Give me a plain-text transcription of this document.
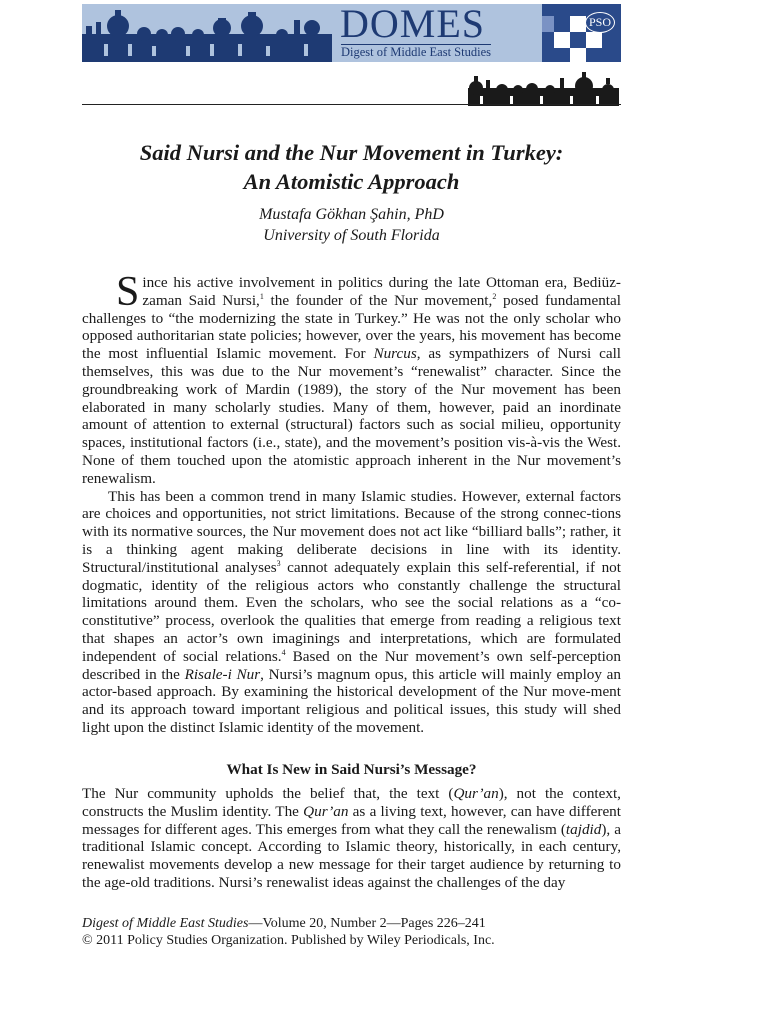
DOMES
Digest of Middle East Studies
PSO
Said Nursi and the Nur Movement in Turkey:
An Atomistic Approach
Mustafa Gökhan Şahin, PhD
University of South Florida

Since his active involvement in politics during the late Ottoman era, Bediüz-zaman Said Nursi,$^1$ the founder of the Nur movement,$^2$ posed fundamental challenges to “the modernizing the state in Turkey.” He was not the only scholar who opposed authoritarian state policies; however, over the years, his movement has become the most influential Islamic movement. For Nurcus, as sympathizers of Nursi call themselves, this was due to the Nur movement’s “renewalist” character. Since the groundbreaking work of Mardin (1989), the story of the Nur movement has been elaborated in many scholarly studies. Many of them, however, paid an inordinate amount of attention to external (structural) factors such as social milieu, opportunity spaces, institutional factors (i.e., state), and the movement’s position vis-à-vis the West. None of them touched upon the atomistic approach inherent in the Nur movement’s renewalism.

This has been a common trend in many Islamic studies. However, external factors are choices and opportunities, not strict limitations. Because of the strong connec-tions with its normative sources, the Nur movement does not act like “billiard balls”; rather, it is a thinking agent making deliberate decisions in line with its identity. Structural/institutional analyses$^3$ cannot adequately explain this self-referential, if not dogmatic, identity of the religious actors who constantly challenge the structural limitations around them. Even the scholars, who see the social relations as a “co-constitutive” process, overlook the qualities that emerge from reading a religious text that shapes an actor’s own imaginings and interpretations, which are formulated independent of social relations.$^4$ Based on the Nur movement’s own self-perception described in the Risale-i Nur, Nursi’s magnum opus, this article will mainly employ an actor-based approach. By examining the historical development of the Nur move-ment and its approach toward important religious and political issues, this study will shed light upon the distinct Islamic identity of the movement.

What Is New in Said Nursi’s Message?

The Nur community upholds the belief that, the text (Qur’an), not the context, constructs the Muslim identity. The Qur’an as a living text, however, can have different messages for different ages. This emerges from what they call the renewalism (tajdid), a traditional Islamic concept. According to Islamic theory, historically, in each century, renewalist movements develop a new message for their target audience by returning to the age-old traditions. Nursi’s renewalist ideas against the challenges of the day

Digest of Middle East Studies—Volume 20, Number 2—Pages 226–241
© 2011 Policy Studies Organization. Published by Wiley Periodicals, Inc.
